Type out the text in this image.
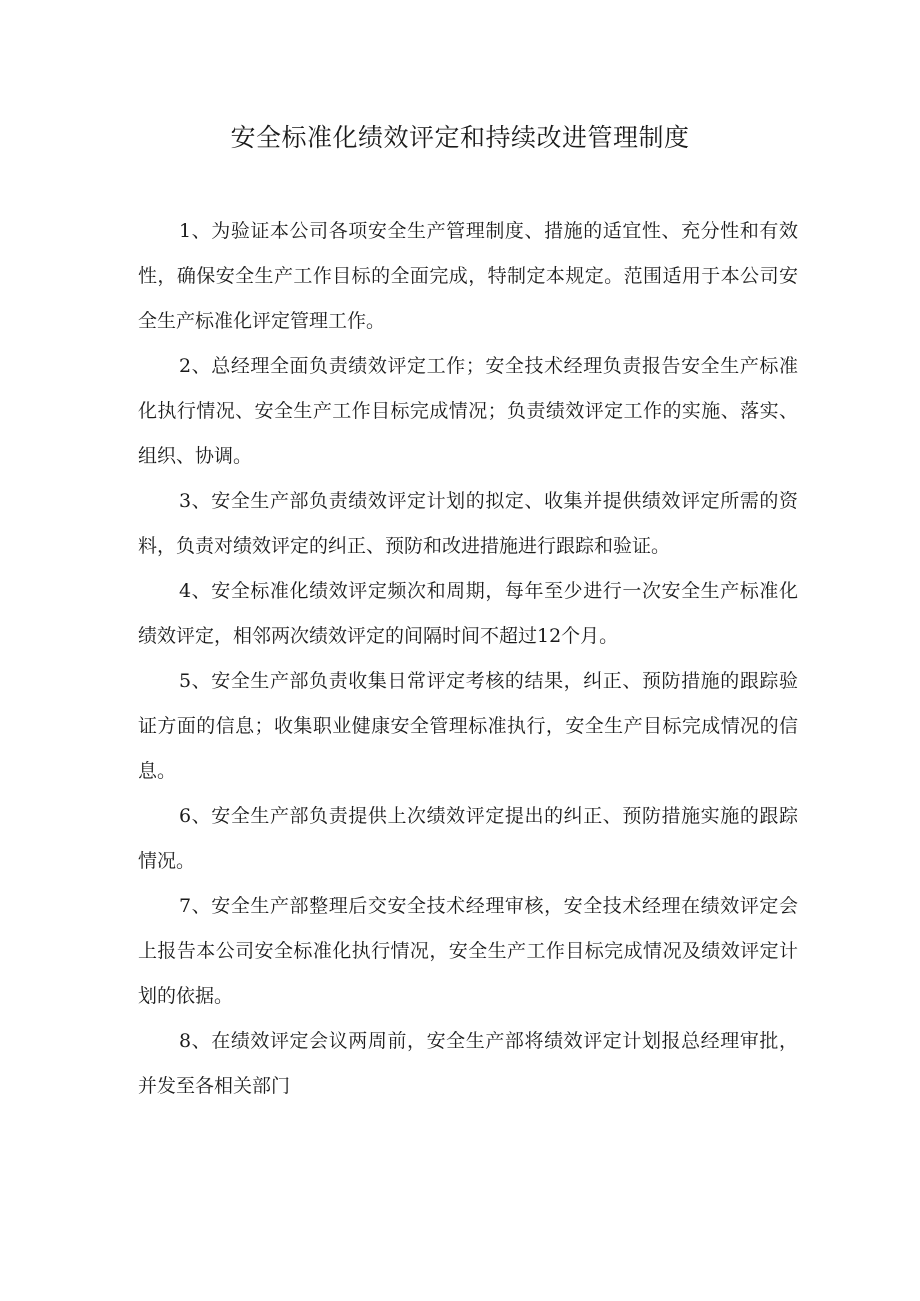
安全标准化绩效评定和持续改进管理制度

1、为验证本公司各项安全生产管理制度、措施的适宜性、充分性和有效性，确保安全生产工作目标的全面完成，特制定本规定。范围适用于本公司安全生产标准化评定管理工作。

2、总经理全面负责绩效评定工作；安全技术经理负责报告安全生产标准化执行情况、安全生产工作目标完成情况；负责绩效评定工作的实施、落实、组织、协调。

3、安全生产部负责绩效评定计划的拟定、收集并提供绩效评定所需的资料，负责对绩效评定的纠正、预防和改进措施进行跟踪和验证。

4、安全标准化绩效评定频次和周期，每年至少进行一次安全生产标准化绩效评定，相邻两次绩效评定的间隔时间不超过12个月。

5、安全生产部负责收集日常评定考核的结果，纠正、预防措施的跟踪验证方面的信息；收集职业健康安全管理标准执行，安全生产目标完成情况的信息。

6、安全生产部负责提供上次绩效评定提出的纠正、预防措施实施的跟踪情况。

7、安全生产部整理后交安全技术经理审核，安全技术经理在绩效评定会上报告本公司安全标准化执行情况，安全生产工作目标完成情况及绩效评定计划的依据。

8、在绩效评定会议两周前，安全生产部将绩效评定计划报总经理审批，并发至各相关部门
